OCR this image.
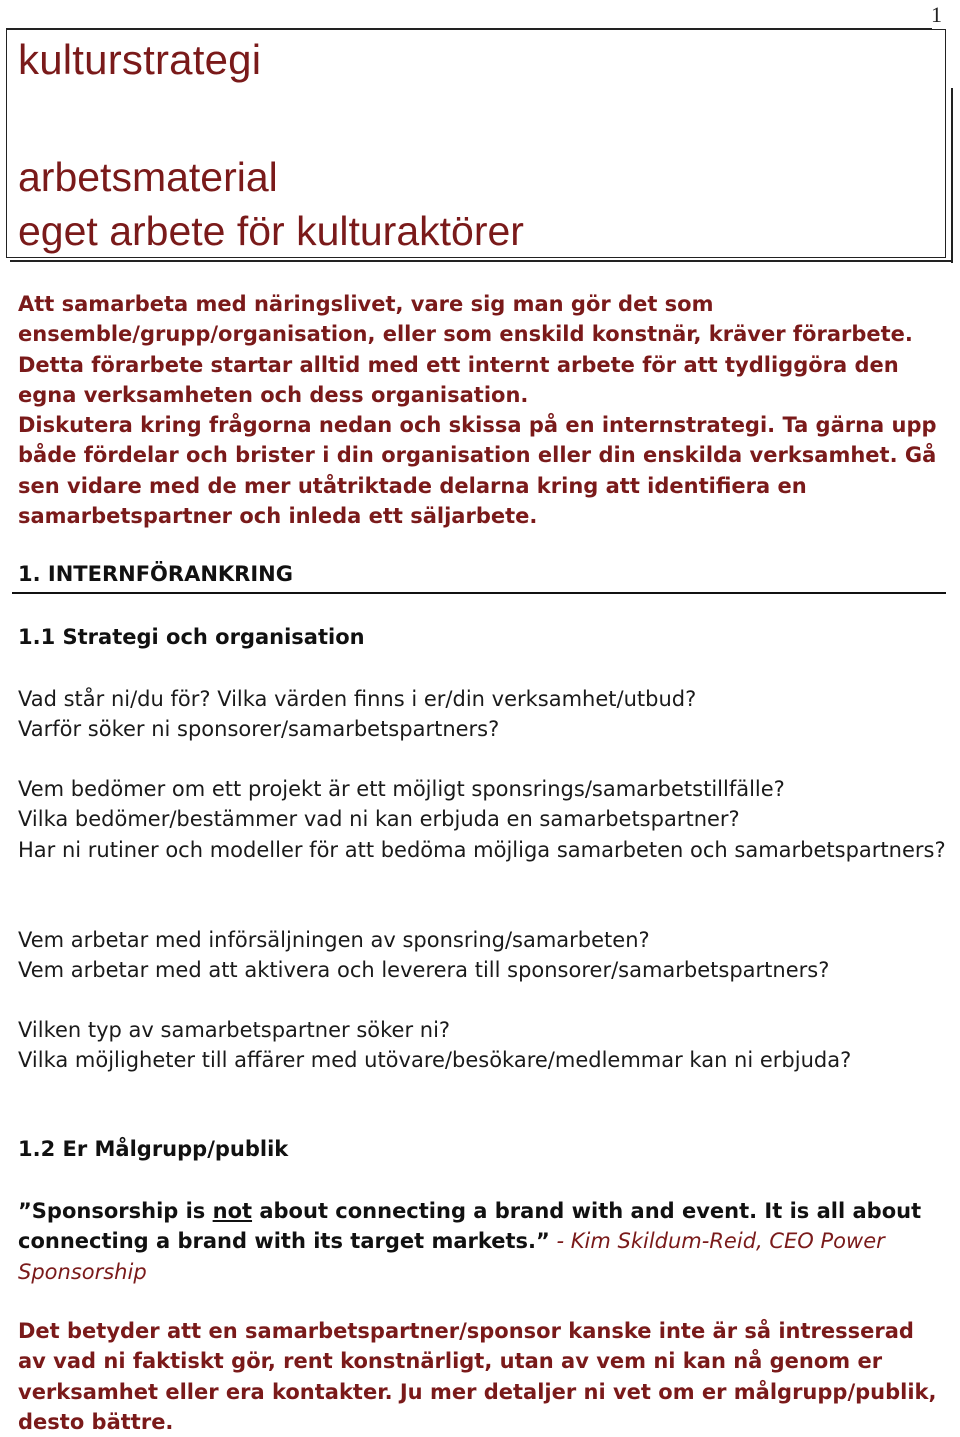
1
kulturstrategi
arbetsmaterial
eget arbete för kulturaktörer

Att samarbeta med näringslivet, vare sig man gör det som ensemble/grupp/organisation, eller som enskild konstnär, kräver förarbete. Detta förarbete startar alltid med ett internt arbete för att tydliggöra den egna verksamheten och dess organisation.

Diskutera kring frågorna nedan och skissa på en internstrategi. Ta gärna upp både fördelar och brister i din organisation eller din enskilda verksamhet. Gå sen vidare med de mer utåtriktade delarna kring att identifiera en samarbetspartner och inleda ett säljarbete.

1. INTERNFÖRANKRING
1.1 Strategi och organisation

Vad står ni/du för? Vilka värden finns i er/din verksamhet/utbud?

Varför söker ni sponsorer/samarbetspartners?

Vem bedömer om ett projekt är ett möjligt sponsrings/samarbetstillfälle?

Vilka bedömer/bestämmer vad ni kan erbjuda en samarbetspartner?

Har ni rutiner och modeller för att bedöma möjliga samarbeten och samarbetspartners?

Vem arbetar med införsäljningen av sponsring/samarbeten?

Vem arbetar med att aktivera och leverera till sponsorer/samarbetspartners?

Vilken typ av samarbetspartner söker ni?

Vilka möjligheter till affärer med utövare/besökare/medlemmar kan ni erbjuda?

1.2 Er Målgrupp/publik
”Sponsorship is not about connecting a brand with and event. It is all about connecting a brand with its target markets.” - Kim Skildum-Reid, CEO Power Sponsorship
Det betyder att en samarbetspartner/sponsor kanske inte är så intresserad av vad ni faktiskt gör, rent konstnärligt, utan av vem ni kan nå genom er verksamhet eller era kontakter. Ju mer detaljer ni vet om er målgrupp/publik, desto bättre.
